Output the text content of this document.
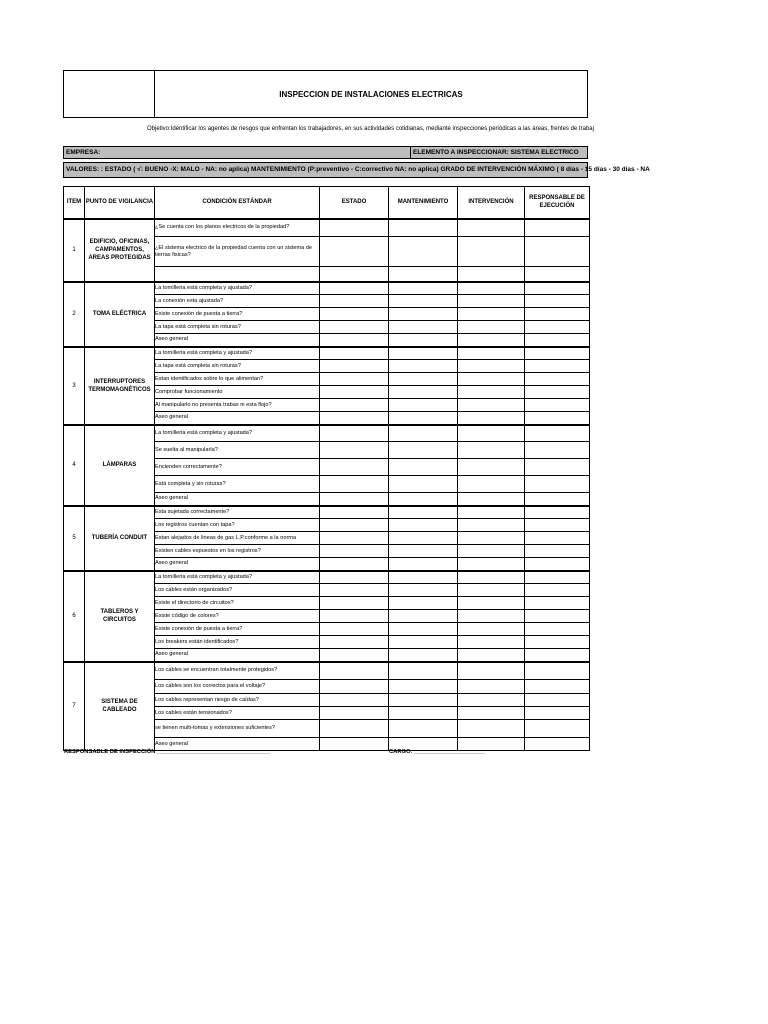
INSPECCION DE INSTALACIONES ELECTRICAS
Objetivo:Identificar los agentes de riesgos que enfrentan los trabajadores, en sus actividades cotidianas, mediante inspecciones periódicas a las áreas, frentes de trabaj
EMPRESA:	ELEMENTO A INSPECCIONAR: SISTEMA ELECTRICO
VALORES: : ESTADO ( √: BUENO -X: MALO - NA: no aplica) MANTENIMIENTO (P:preventivo - C:correctivo NA: no aplica) GRADO DE INTERVENCIÓN MÁXIMO ( 8 días - 15 días - 30 días - NA
ITEM	PUNTO DE VIGILANCIA	CONDICIÓN ESTÁNDAR	ESTADO	MANTENIMIENTO	INTERVENCIÓN	RESPONSABLE DE EJECUCIÓN
1	EDIFICIO, OFICINAS, CAMPAMENTOS, AREAS PROTEGIDAS	¿Se cuenta con los planos electricos de la propiedad?				
		¿El sistema electrico de la propiedad cuenta con un sistema de tierras fisicas?				

2	TOMA ELÉCTRICA	La tornilleria está completa y ajustada?				
		La conexión esta ajustada?				
		Existe conexión de puesta a tierra?				
		La tapa está completa sin roturas?				
		Aseo general				
3	INTERRUPTORES TERMOMAGNÉTICOS	La tornilleria está completa y ajustada?				
		La tapa está completa sin roturas?				
		Estan identificados sobre lo que alimentan?				
		Comprobar funcionamiento				
		Al manipularlo no presenta trabas ni esta flojo?				
		Aseo general				
4	LÁMPARAS	La tornilleria está completa y ajustada?				
		Se suelta al manipularla?				
		Encienden correctamente?				
		Está completa y sin roturas?				
		Aseo general				
5	TUBERÍA CONDUIT	Esta sujetada correctamente?				
		Los registros cuentan con tapa?				
		Estan alejados de lineas de gas L.P.conforme a la norma				
		Existen cables expuestos en los registros?				
		Aseo general				
6	TABLEROS Y CIRCUITOS	La tornilleria está completa y ajustada?				
		Los cables están organizados?				
		Existe el directorio de circuitos?				
		Existe código de colores?				
		Existe conexión de puesta a tierra?				
		Los breakers están identificados?				
		Aseo general				
7	SISTEMA DE CABLEADO	Los cables se encuentran totalmente protegidos?				
		Los cables son los correctos para el voltaje?				
		Los cables representan riesgo de caídas?				
		Los cables están tensionados?				
		se tienen multi-tomas y extensiones suficientes?				
		Aseo general				
RESPONSABLE DE INSPECCIÓN ___________________________________	CARGO: ______________________
